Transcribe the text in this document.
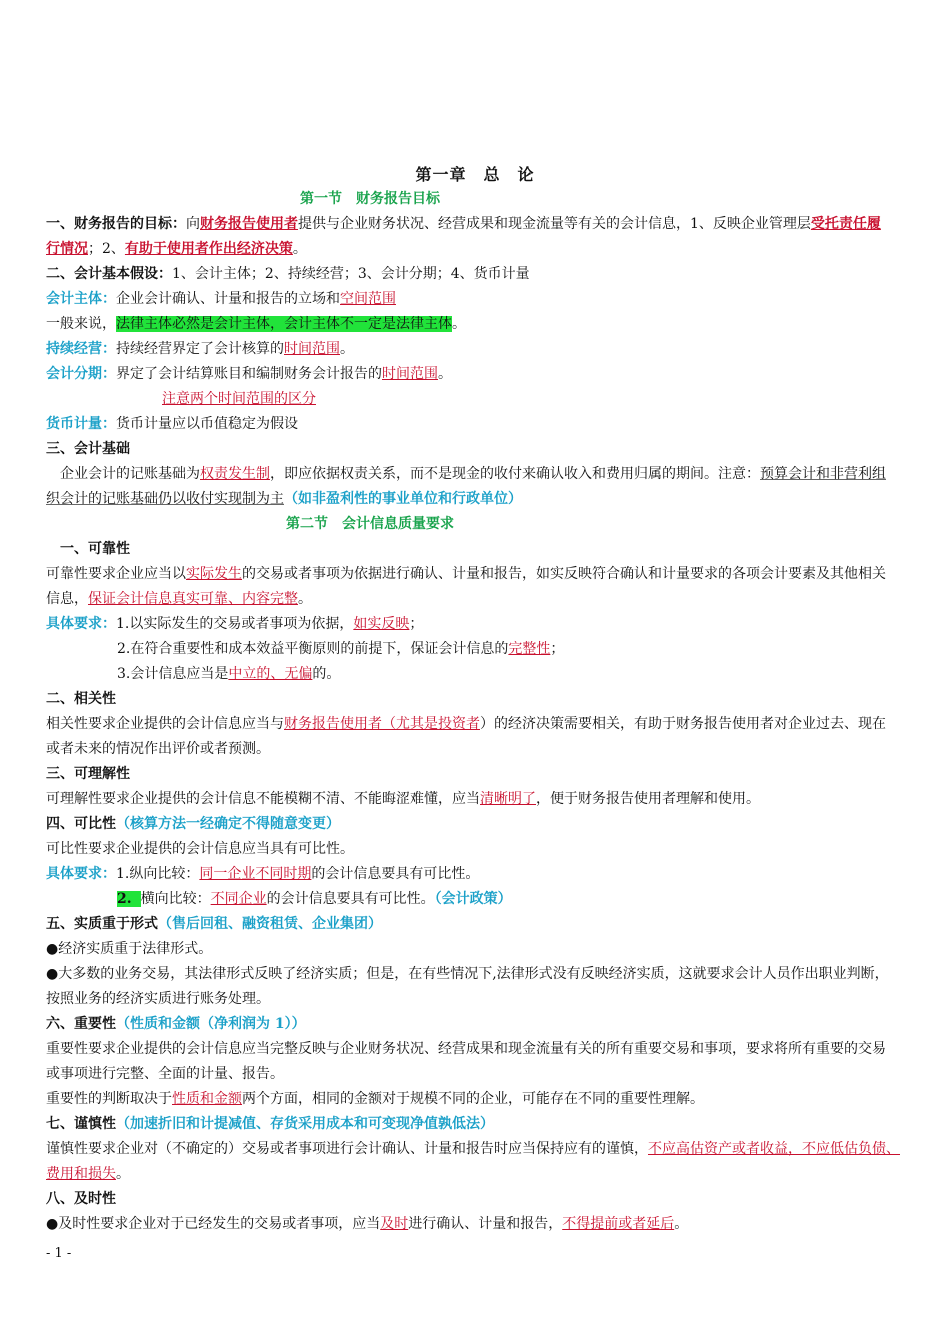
第一章　总　论
第一节　财务报告目标
一、财务报告的目标：向财务报告使用者提供与企业财务状况、经营成果和现金流量等有关的会计信息，1、反映企业管理层受托责任履
行情况；2、有助于使用者作出经济决策。
二、会计基本假设：1、会计主体；2、持续经营；3、会计分期；4、货币计量
会计主体：企业会计确认、计量和报告的立场和空间范围
一般来说，法律主体必然是会计主体，会计主体不一定是法律主体。
持续经营：持续经营界定了会计核算的时间范围。
会计分期：界定了会计结算账目和编制财务会计报告的时间范围。
注意两个时间范围的区分
货币计量：货币计量应以币值稳定为假设
三、会计基础
企业会计的记账基础为权责发生制，即应依据权责关系，而不是现金的收付来确认收入和费用归属的期间。注意：预算会计和非营利组
织会计的记账基础仍以收付实现制为主（如非盈利性的事业单位和行政单位）
第二节　会计信息质量要求
一、可靠性
可靠性要求企业应当以实际发生的交易或者事项为依据进行确认、计量和报告，如实反映符合确认和计量要求的各项会计要素及其他相关
信息，保证会计信息真实可靠、内容完整。
具体要求：1.以实际发生的交易或者事项为依据，如实反映；
2.在符合重要性和成本效益平衡原则的前提下，保证会计信息的完整性；
3.会计信息应当是中立的、无偏的。
二、相关性
相关性要求企业提供的会计信息应当与财务报告使用者（尤其是投资者）的经济决策需要相关，有助于财务报告使用者对企业过去、现在
或者未来的情况作出评价或者预测。
三、可理解性
可理解性要求企业提供的会计信息不能模糊不清、不能晦涩难懂，应当清晰明了，便于财务报告使用者理解和使用。
四、可比性（核算方法一经确定不得随意变更）
可比性要求企业提供的会计信息应当具有可比性。
具体要求：1.纵向比较：同一企业不同时期的会计信息要具有可比性。
2. 横向比较：不同企业的会计信息要具有可比性。（会计政策）
五、实质重于形式（售后回租、融资租赁、企业集团）
●经济实质重于法律形式。
●大多数的业务交易，其法律形式反映了经济实质；但是，在有些情况下,法律形式没有反映经济实质，这就要求会计人员作出职业判断，
按照业务的经济实质进行账务处理。
六、重要性（性质和金额（净利润为 1））
重要性要求企业提供的会计信息应当完整反映与企业财务状况、经营成果和现金流量有关的所有重要交易和事项，要求将所有重要的交易
或事项进行完整、全面的计量、报告。
重要性的判断取决于性质和金额两个方面，相同的金额对于规模不同的企业，可能存在不同的重要性理解。
七、谨慎性（加速折旧和计提减值、存货采用成本和可变现净值孰低法）
谨慎性要求企业对（不确定的）交易或者事项进行会计确认、计量和报告时应当保持应有的谨慎，不应高估资产或者收益，不应低估负债、
费用和损失。
八、及时性
●及时性要求企业对于已经发生的交易或者事项，应当及时进行确认、计量和报告，不得提前或者延后。
- 1 -
